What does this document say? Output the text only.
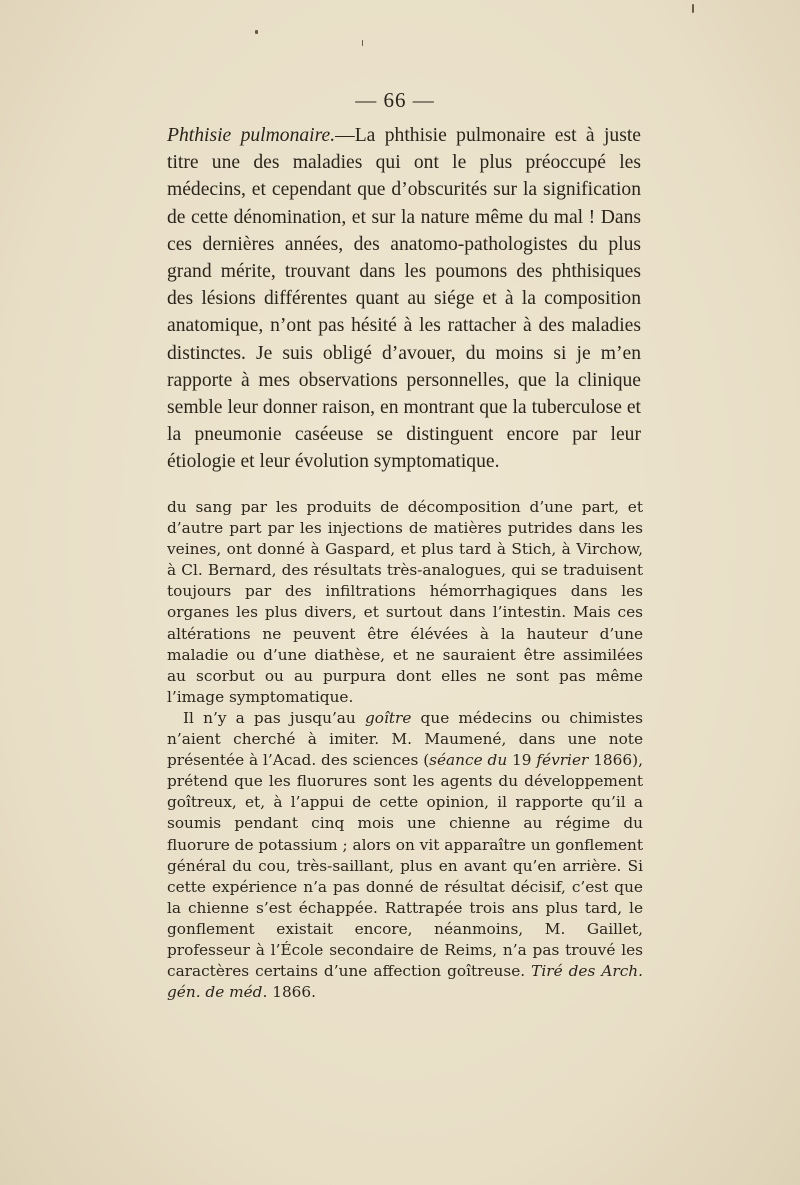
— 66 —

Phthisie pulmonaire.—La phthisie pulmonaire est à juste titre une des maladies qui ont le plus préoccupé les médecins, et cependant que d’obscurités sur la signification de cette dénomination, et sur la nature même du mal ! Dans ces dernières années, des anatomo-pathologistes du plus grand mérite, trouvant dans les poumons des phthisiques des lésions différentes quant au siége et à la composition anatomique, n’ont pas hésité à les rattacher à des maladies distinctes. Je suis obligé d’avouer, du moins si je m’en rapporte à mes observations personnelles, que la clinique semble leur donner raison, en montrant que la tuberculose et la pneumonie caséeuse se distinguent encore par leur étiologie et leur évolution symptomatique.

du sang par les produits de décomposition d’une part, et d’autre part par les injections de matières putrides dans les veines, ont donné à Gaspard, et plus tard à Stich, à Virchow, à Cl. Bernard, des résultats très-analogues, qui se traduisent toujours par des infiltrations hémorrhagiques dans les organes les plus divers, et surtout dans l’intestin. Mais ces altérations ne peuvent être élévées à la hauteur d’une maladie ou d’une diathèse, et ne sauraient être assimilées au scorbut ou au purpura dont elles ne sont pas même l’image symptomatique.

Il n’y a pas jusqu’au goître que médecins ou chimistes n’aient cherché à imiter. M. Maumené, dans une note présentée à l’Acad. des sciences (séance du 19 février 1866), prétend que les fluorures sont les agents du développement goîtreux, et, à l’appui de cette opinion, il rapporte qu’il a soumis pendant cinq mois une chienne au régime du fluorure de potassium ; alors on vit apparaître un gonflement général du cou, très-saillant, plus en avant qu’en arrière. Si cette expérience n’a pas donné de résultat décisif, c’est que la chienne s’est échappée. Rattrapée trois ans plus tard, le gonflement existait encore, néanmoins, M. Gaillet, professeur à l’École secondaire de Reims, n’a pas trouvé les caractères certains d’une affection goîtreuse. Tiré des Arch. gén. de méd. 1866.
